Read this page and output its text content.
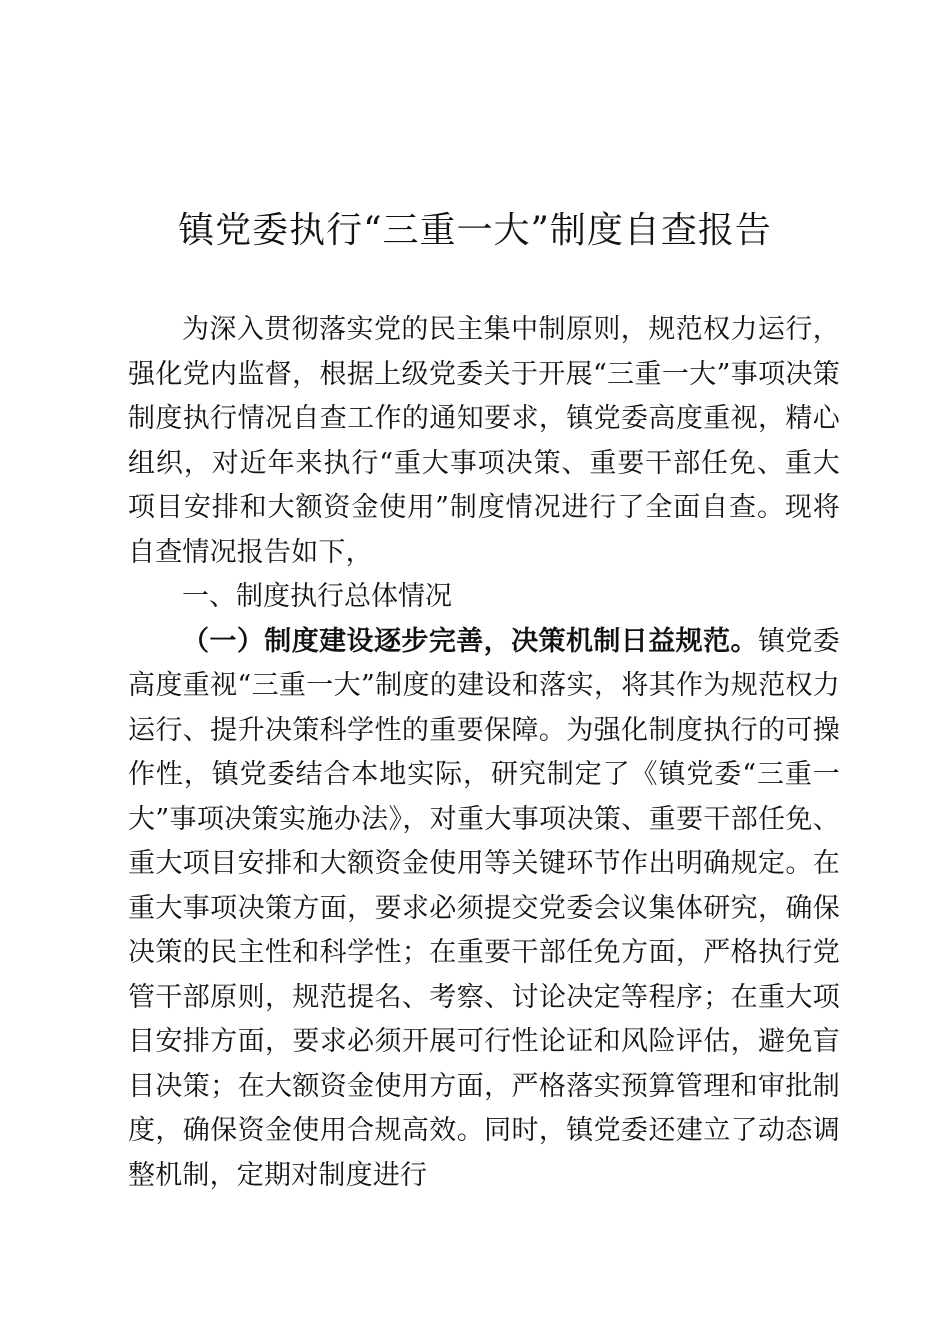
镇党委执行“三重一大”制度自查报告

为深入贯彻落实党的民主集中制原则，规范权力运行，强化党内监督，根据上级党委关于开展“三重一大”事项决策制度执行情况自查工作的通知要求，镇党委高度重视，精心组织，对近年来执行“重大事项决策、重要干部任免、重大项目安排和大额资金使用”制度情况进行了全面自查。现将自查情况报告如下，

一、制度执行总体情况

（一）制度建设逐步完善，决策机制日益规范。镇党委高度重视“三重一大”制度的建设和落实，将其作为规范权力运行、提升决策科学性的重要保障。为强化制度执行的可操作性，镇党委结合本地实际，研究制定了《镇党委“三重一大”事项决策实施办法》，对重大事项决策、重要干部任免、重大项目安排和大额资金使用等关键环节作出明确规定。在重大事项决策方面，要求必须提交党委会议集体研究，确保决策的民主性和科学性；在重要干部任免方面，严格执行党管干部原则，规范提名、考察、讨论决定等程序；在重大项目安排方面，要求必须开展可行性论证和风险评估，避免盲目决策；在大额资金使用方面，严格落实预算管理和审批制度，确保资金使用合规高效。同时，镇党委还建立了动态调整机制，定期对制度进行
